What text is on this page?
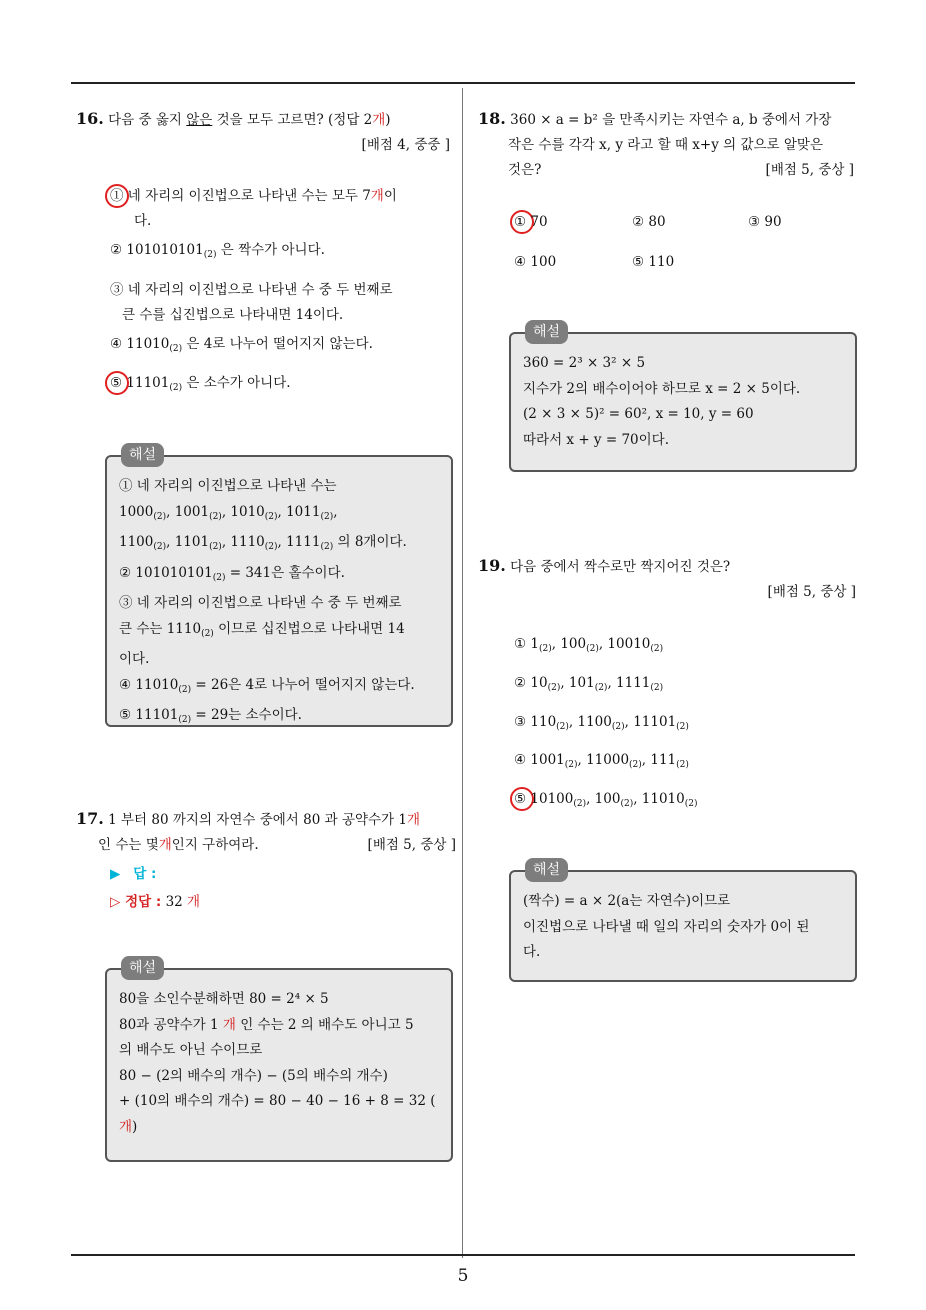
5
16. 다음 중 옳지 않은 것을 모두 고르면? (정답 2개)
[배점 4, 중중 ]
① 네 자리의 이진법으로 나타낸 수는 모두 7개이
다.
② $101010101_{(2)}$ 은 짝수가 아니다.
③ 네 자리의 이진법으로 나타낸 수 중 두 번째로
큰 수를 십진법으로 나타내면 14이다.
④ $11010_{(2)}$ 은 4로 나누어 떨어지지 않는다.
⑤ $11101_{(2)}$ 은 소수가 아니다.
해설
① 네 자리의 이진법으로 나타낸 수는
$1000_{(2)}$, $1001_{(2)}$, $1010_{(2)}$, $1011_{(2)}$,
$1100_{(2)}$, $1101_{(2)}$, $1110_{(2)}$, $1111_{(2)}$ 의 8개이다.
② $101010101_{(2)} = 341$은 홀수이다.
③ 네 자리의 이진법으로 나타낸 수 중 두 번째로
큰 수는 $1110_{(2)}$ 이므로 십진법으로 나타내면 14
이다.
④ $11010_{(2)} = 26$은 4로 나누어 떨어지지 않는다.
⑤ $11101_{(2)} = 29$는 소수이다.
17. 1 부터 80 까지의 자연수 중에서 80 과 공약수가 1개
인 수는 몇개인지 구하여라.	[배점 5, 중상 ]
▶ 답 :
▷ 정답 : 32 개
해설
80을 소인수분해하면 80 = 2⁴ × 5
80과 공약수가 1 개 인 수는 2 의 배수도 아니고 5
의 배수도 아닌 수이므로
80 − (2의 배수의 개수) − (5의 배수의 개수)
+ (10의 배수의 개수) = 80 − 40 − 16 + 8 = 32 (
개)
18. 360 × a = b² 을 만족시키는 자연수 a, b 중에서 가장
작은 수를 각각 x, y 라고 할 때 x+y 의 값으로 알맞은
것은?	[배점 5, 중상 ]
① 70	② 80	③ 90
④ 100	⑤ 110
해설
360 = 2³ × 3² × 5
지수가 2의 배수이어야 하므로 x = 2 × 5이다.
(2 × 3 × 5)² = 60², x = 10, y = 60
따라서 x + y = 70이다.
19. 다음 중에서 짝수로만 짝지어진 것은?
[배점 5, 중상 ]
① $1_{(2)}$, $100_{(2)}$, $10010_{(2)}$
② $10_{(2)}$, $101_{(2)}$, $1111_{(2)}$
③ $110_{(2)}$, $1100_{(2)}$, $11101_{(2)}$
④ $1001_{(2)}$, $11000_{(2)}$, $111_{(2)}$
⑤ $10100_{(2)}$, $100_{(2)}$, $11010_{(2)}$
해설
(짝수) = a × 2(a는 자연수)이므로
이진법으로 나타낼 때 일의 자리의 숫자가 0이 된
다.
